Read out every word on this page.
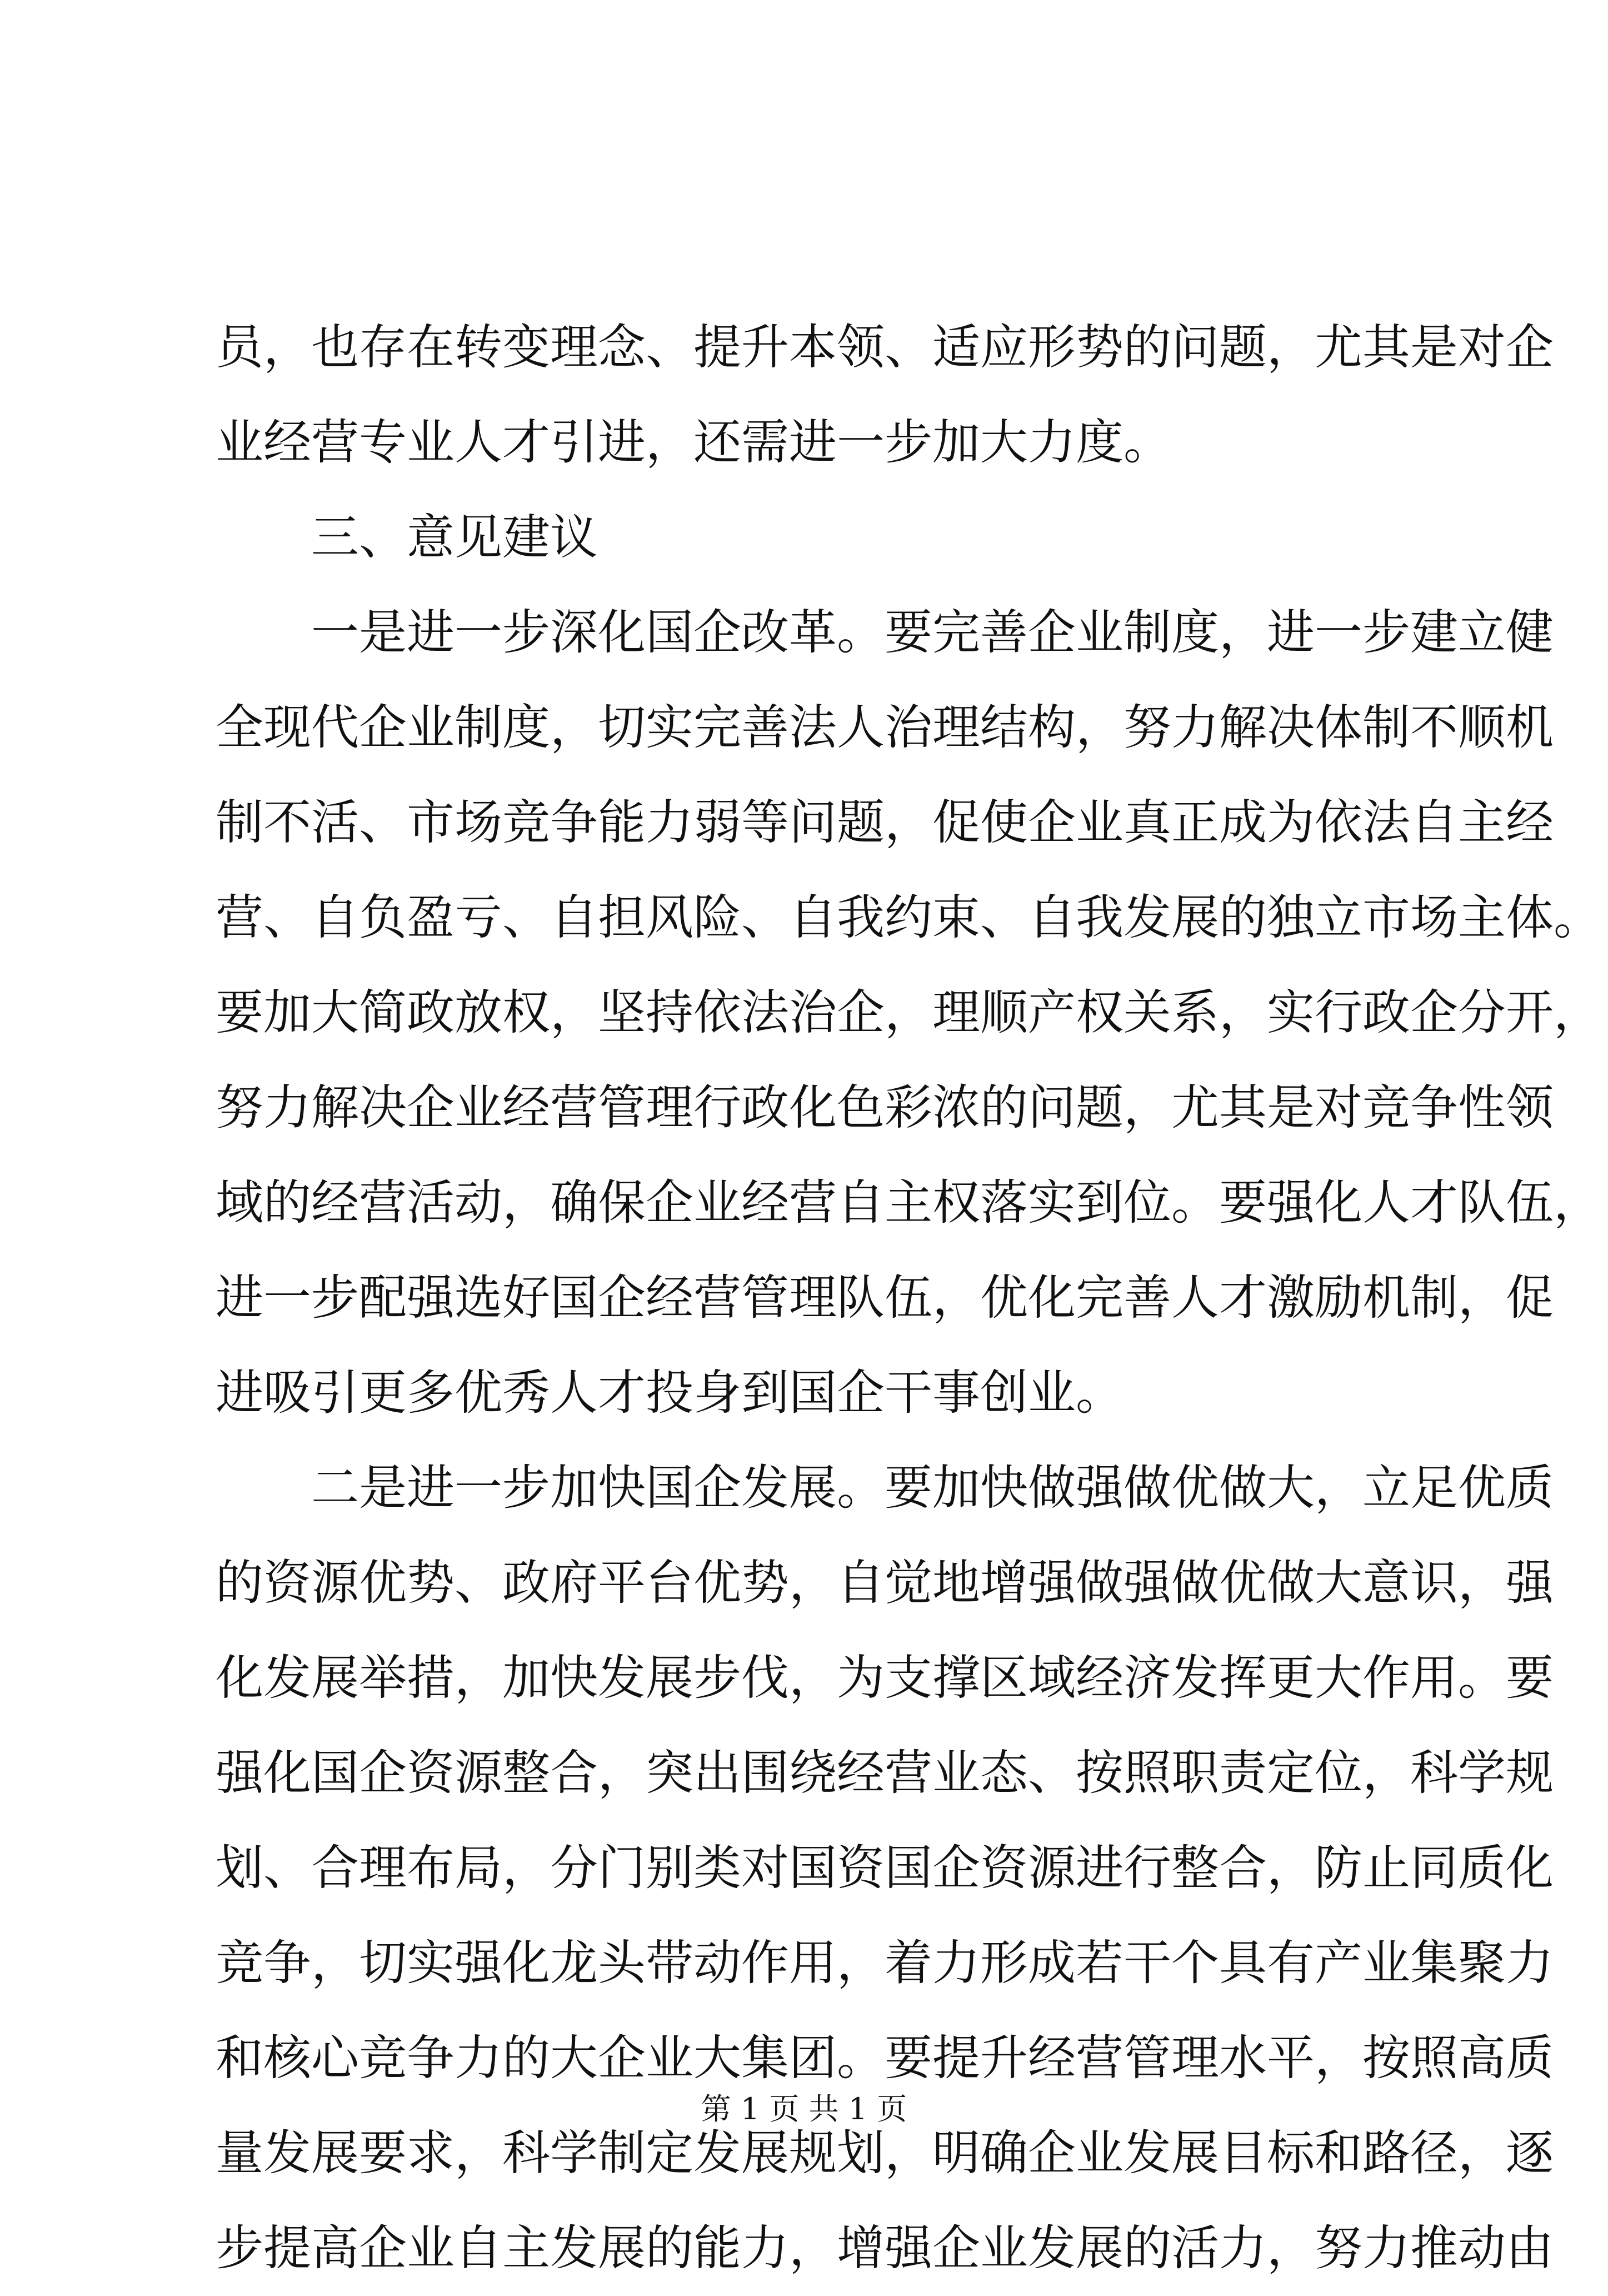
员，也存在转变理念、提升本领、适应形势的问题，尤其是对企
业经营专业人才引进，还需进一步加大力度。
三、意见建议
一是进一步深化国企改革。要完善企业制度，进一步建立健
全现代企业制度，切实完善法人治理结构，努力解决体制不顺机
制不活、市场竞争能力弱等问题，促使企业真正成为依法自主经
营、自负盈亏、自担风险、自我约束、自我发展的独立市场主体。
要加大简政放权，坚持依法治企，理顺产权关系，实行政企分开，
努力解决企业经营管理行政化色彩浓的问题，尤其是对竞争性领
域的经营活动，确保企业经营自主权落实到位。要强化人才队伍，
进一步配强选好国企经营管理队伍，优化完善人才激励机制，促
进吸引更多优秀人才投身到国企干事创业。
二是进一步加快国企发展。要加快做强做优做大，立足优质
的资源优势、政府平台优势，自觉地增强做强做优做大意识，强
化发展举措，加快发展步伐，为支撑区域经济发挥更大作用。要
强化国企资源整合，突出围绕经营业态、按照职责定位，科学规
划、合理布局，分门别类对国资国企资源进行整合，防止同质化
竞争，切实强化龙头带动作用，着力形成若干个具有产业集聚力
和核心竞争力的大企业大集团。要提升经营管理水平，按照高质
量发展要求，科学制定发展规划，明确企业发展目标和路径，逐
步提高企业自主发展的能力，增强企业发展的活力，努力推动由
第 1 页 共 1 页
